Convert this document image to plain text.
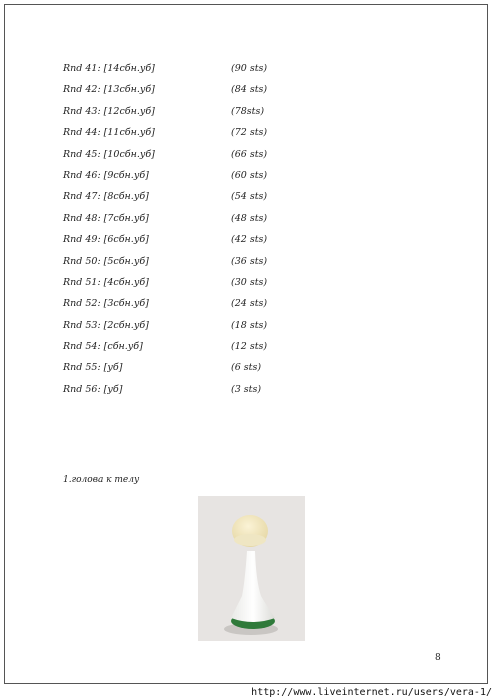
Rnd 41: [14сбн.уб]	(90 sts)
Rnd 42: [13сбн.уб]	(84 sts)
Rnd 43: [12сбн.уб]	(78sts)
Rnd 44: [11сбн.уб]	(72 sts)
Rnd 45: [10сбн.уб]	(66 sts)
Rnd 46: [9сбн.уб]	(60 sts)
Rnd 47: [8сбн.уб]	(54 sts)
Rnd 48: [7сбн.уб]	(48 sts)
Rnd 49: [6сбн.уб]	(42 sts)
Rnd 50: [5сбн.уб]	(36 sts)
Rnd 51: [4сбн.уб]	(30 sts)
Rnd 52: [3сбн.уб]	(24 sts)
Rnd 53: [2сбн.уб]	(18 sts)
Rnd 54: [сбн.уб]	(12 sts)
Rnd 55: [уб]	(6 sts)
Rnd 56: [уб]	(3 sts)
1.голова к телу
8
http://www.liveinternet.ru/users/vera-1/
